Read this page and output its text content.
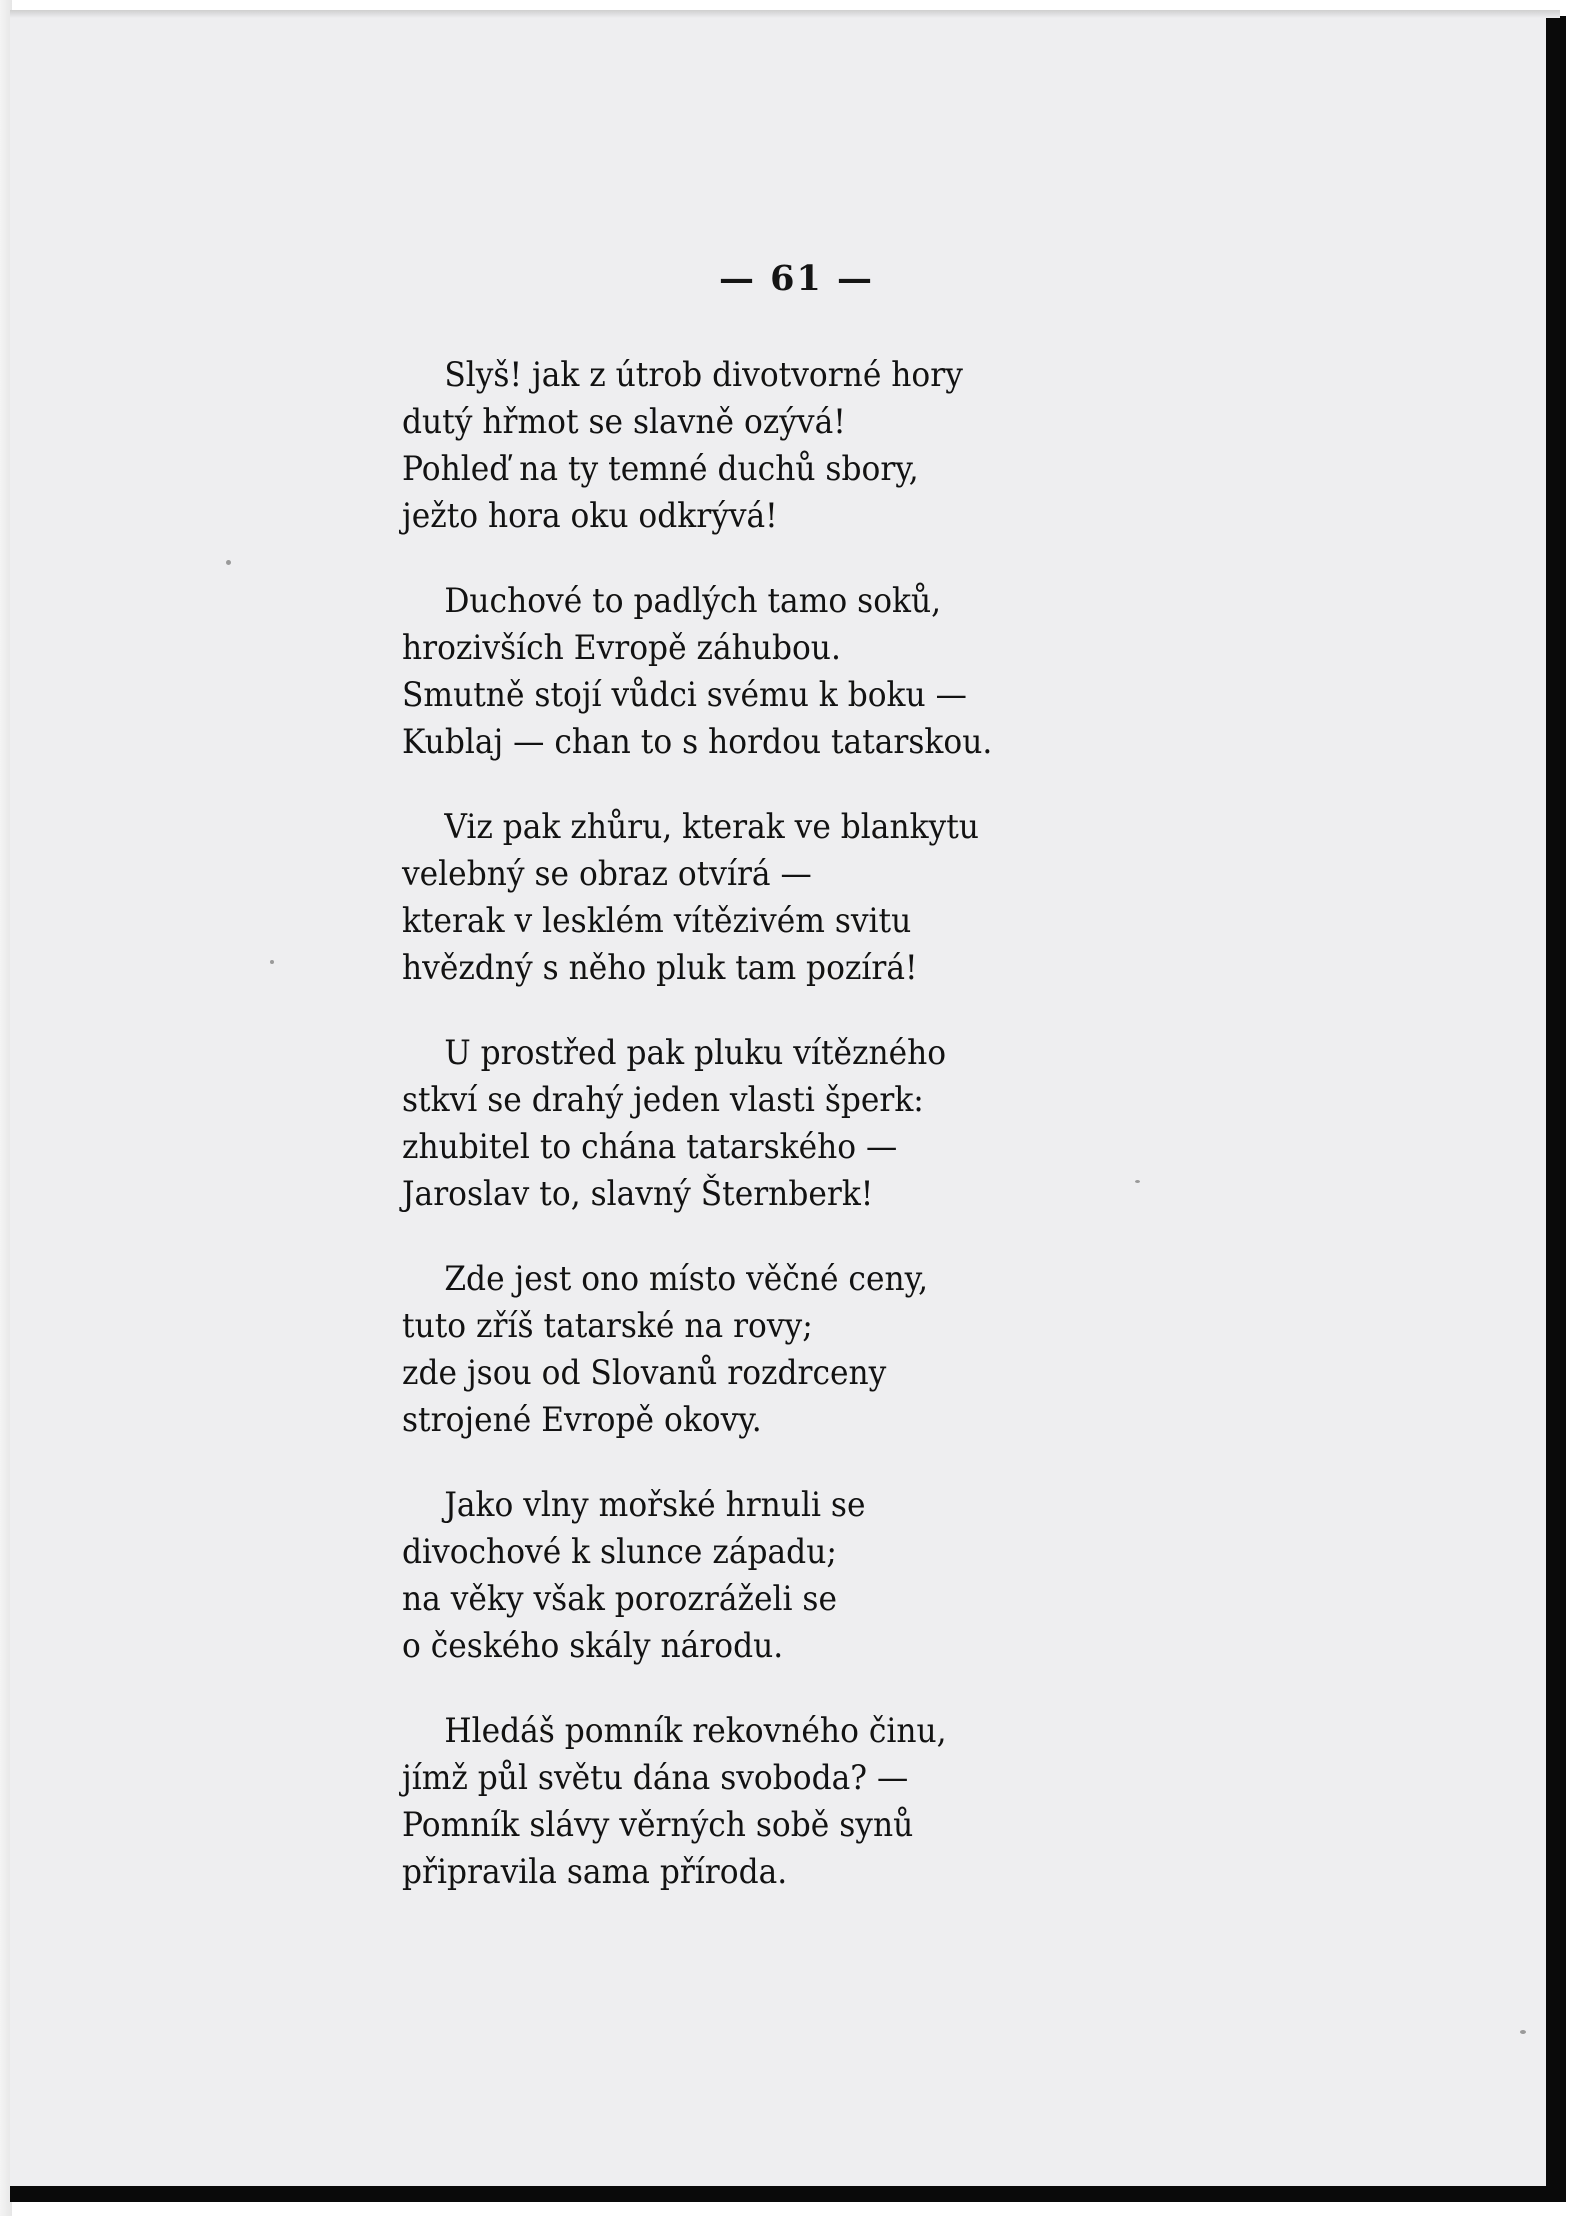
— 61 —
Slyš! jak z útrob divotvorné hory
dutý hřmot se slavně ozývá!
Pohleď na ty temné duchů sbory,
ježto hora oku odkrývá!
Duchové to padlých tamo soků,
hrozivších Evropě záhubou.
Smutně stojí vůdci svému k boku —
Kublaj — chan to s hordou tatarskou.
Viz pak zhůru, kterak ve blankytu
velebný se obraz otvírá —
kterak v lesklém vítězivém svitu
hvězdný s něho pluk tam pozírá!
U prostřed pak pluku vítězného
stkví se drahý jeden vlasti šperk:
zhubitel to chána tatarského —
Jaroslav to, slavný Šternberk!
Zde jest ono místo věčné ceny,
tuto zříš tatarské na rovy;
zde jsou od Slovanů rozdrceny
strojené Evropě okovy.
Jako vlny mořské hrnuli se
divochové k slunce západu;
na věky však porozráželi se
o českého skály národu.
Hledáš pomník rekovného činu,
jímž půl světu dána svoboda? —
Pomník slávy věrných sobě synů
připravila sama příroda.
